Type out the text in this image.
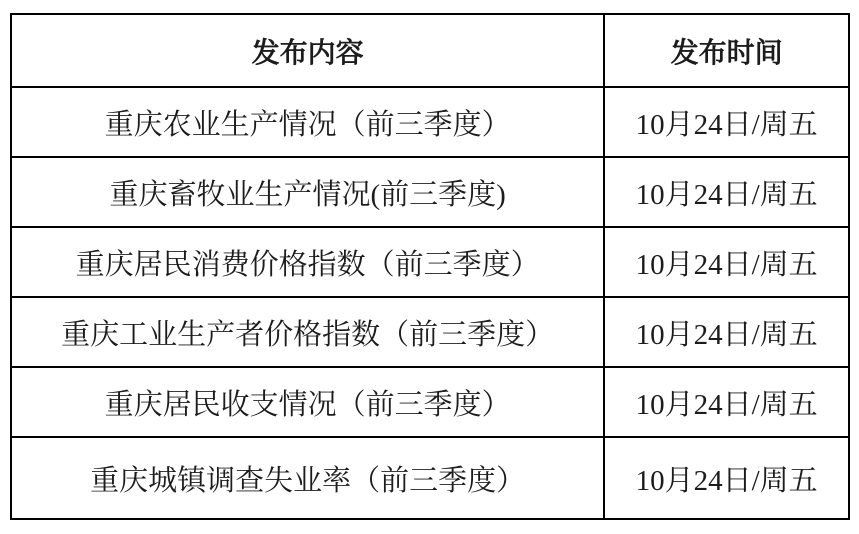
发布内容	发布时间
重庆农业生产情况（前三季度）	10月24日/周五
重庆畜牧业生产情况(前三季度)	10月24日/周五
重庆居民消费价格指数（前三季度）	10月24日/周五
重庆工业生产者价格指数（前三季度）	10月24日/周五
重庆居民收支情况（前三季度）	10月24日/周五
重庆城镇调查失业率（前三季度）	10月24日/周五
